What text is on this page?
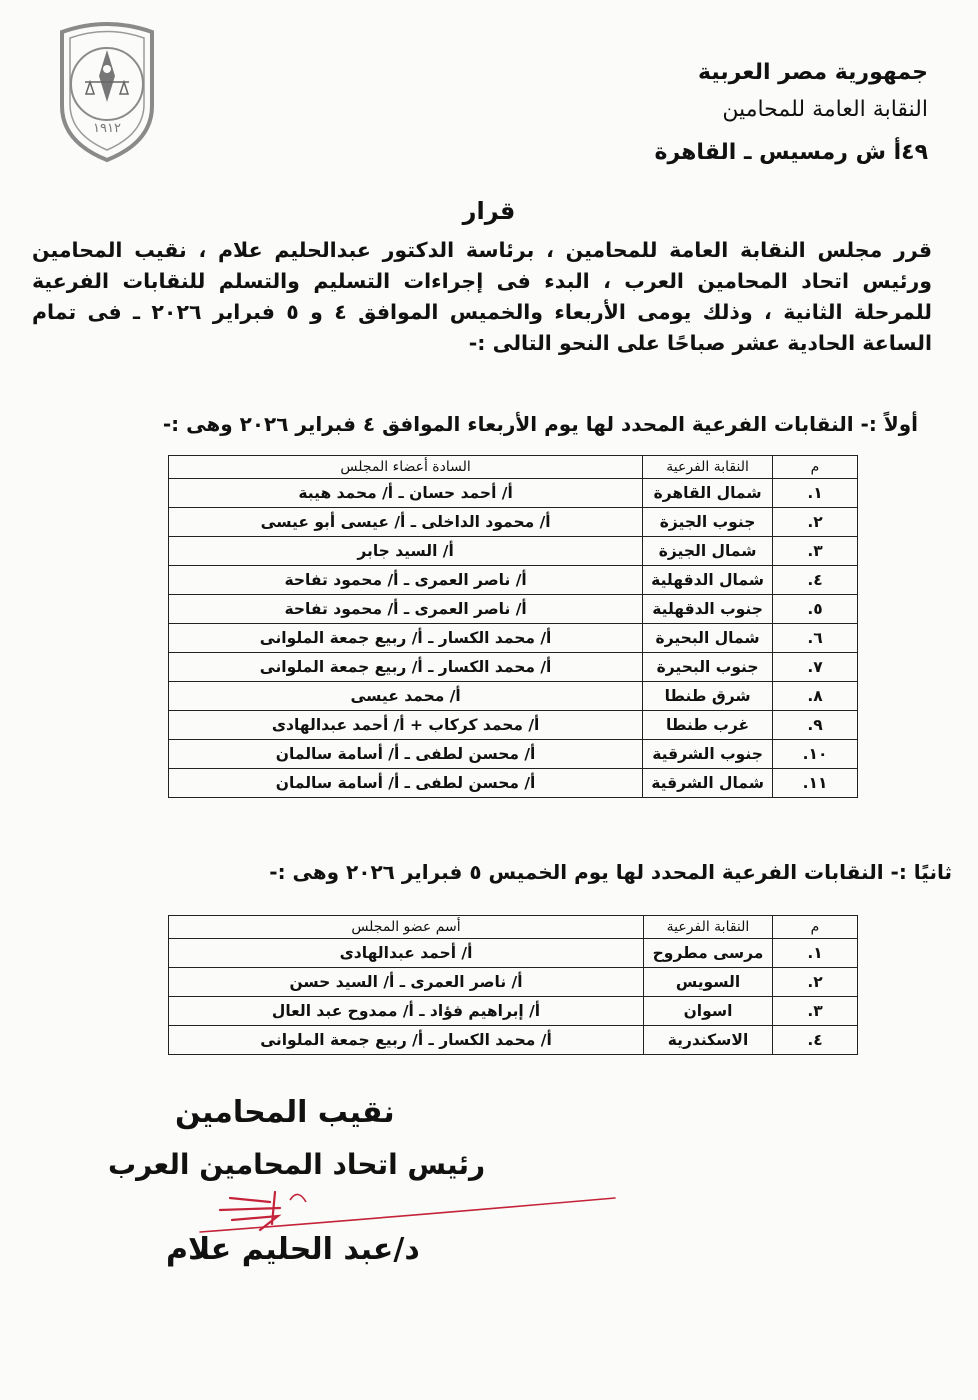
١٩١٢
جمهورية مصر العربية
النقابة العامة للمحامين
٤٩أ ش رمسيس ـ القاهرة
قرار
قرر مجلس النقابة العامة للمحامين ، برئاسة الدكتور عبدالحليم علام ، نقيب المحامين ورئيس اتحاد المحامين العرب ، البدء فى إجراءات التسليم والتسلم للنقابات الفرعية للمرحلة الثانية ، وذلك يومى الأربعاء والخميس الموافق ٤ و ٥ فبراير ٢٠٢٦ ـ فى تمام الساعة الحادية عشر صباحًا على النحو التالى :-
أولاً :- النقابات الفرعية المحدد لها يوم الأربعاء الموافق ٤ فبراير ٢٠٢٦ وهى :-
م	النقابة الفرعية	السادة أعضاء المجلس
١.	شمال القاهرة	أ/ أحمد حسان ـ أ/ محمد هيبة
٢.	جنوب الجيزة	أ/ محمود الداخلى ـ أ/ عيسى أبو عيسى
٣.	شمال الجيزة	أ/ السيد جابر
٤.	شمال الدقهلية	أ/ ناصر العمرى ـ أ/ محمود تفاحة
٥.	جنوب الدقهلية	أ/ ناصر العمرى ـ أ/ محمود تفاحة
٦.	شمال البحيرة	أ/ محمد الكسار ـ أ/ ربيع جمعة الملوانى
٧.	جنوب البحيرة	أ/ محمد الكسار ـ أ/ ربيع جمعة الملوانى
٨.	شرق طنطا	أ/ محمد عيسى
٩.	غرب طنطا	أ/ محمد كركاب + أ/ أحمد عبدالهادى
١٠.	جنوب الشرقية	أ/ محسن لطفى ـ أ/ أسامة سالمان
١١.	شمال الشرقية	أ/ محسن لطفى ـ أ/ أسامة سالمان
ثانيًا :- النقابات الفرعية المحدد لها يوم الخميس ٥ فبراير ٢٠٢٦ وهى :-
م	النقابة الفرعية	أسم عضو المجلس
١.	مرسى مطروح	أ/ أحمد عبدالهادى
٢.	السويس	أ/ ناصر العمرى ـ أ/ السيد حسن
٣.	اسوان	أ/ إبراهيم فؤاد ـ أ/ ممدوح عبد العال
٤.	الاسكندرية	أ/ محمد الكسار ـ أ/ ربيع جمعة الملوانى
نقيب المحامين
رئيس اتحاد المحامين العرب
د/عبد الحليم علام
